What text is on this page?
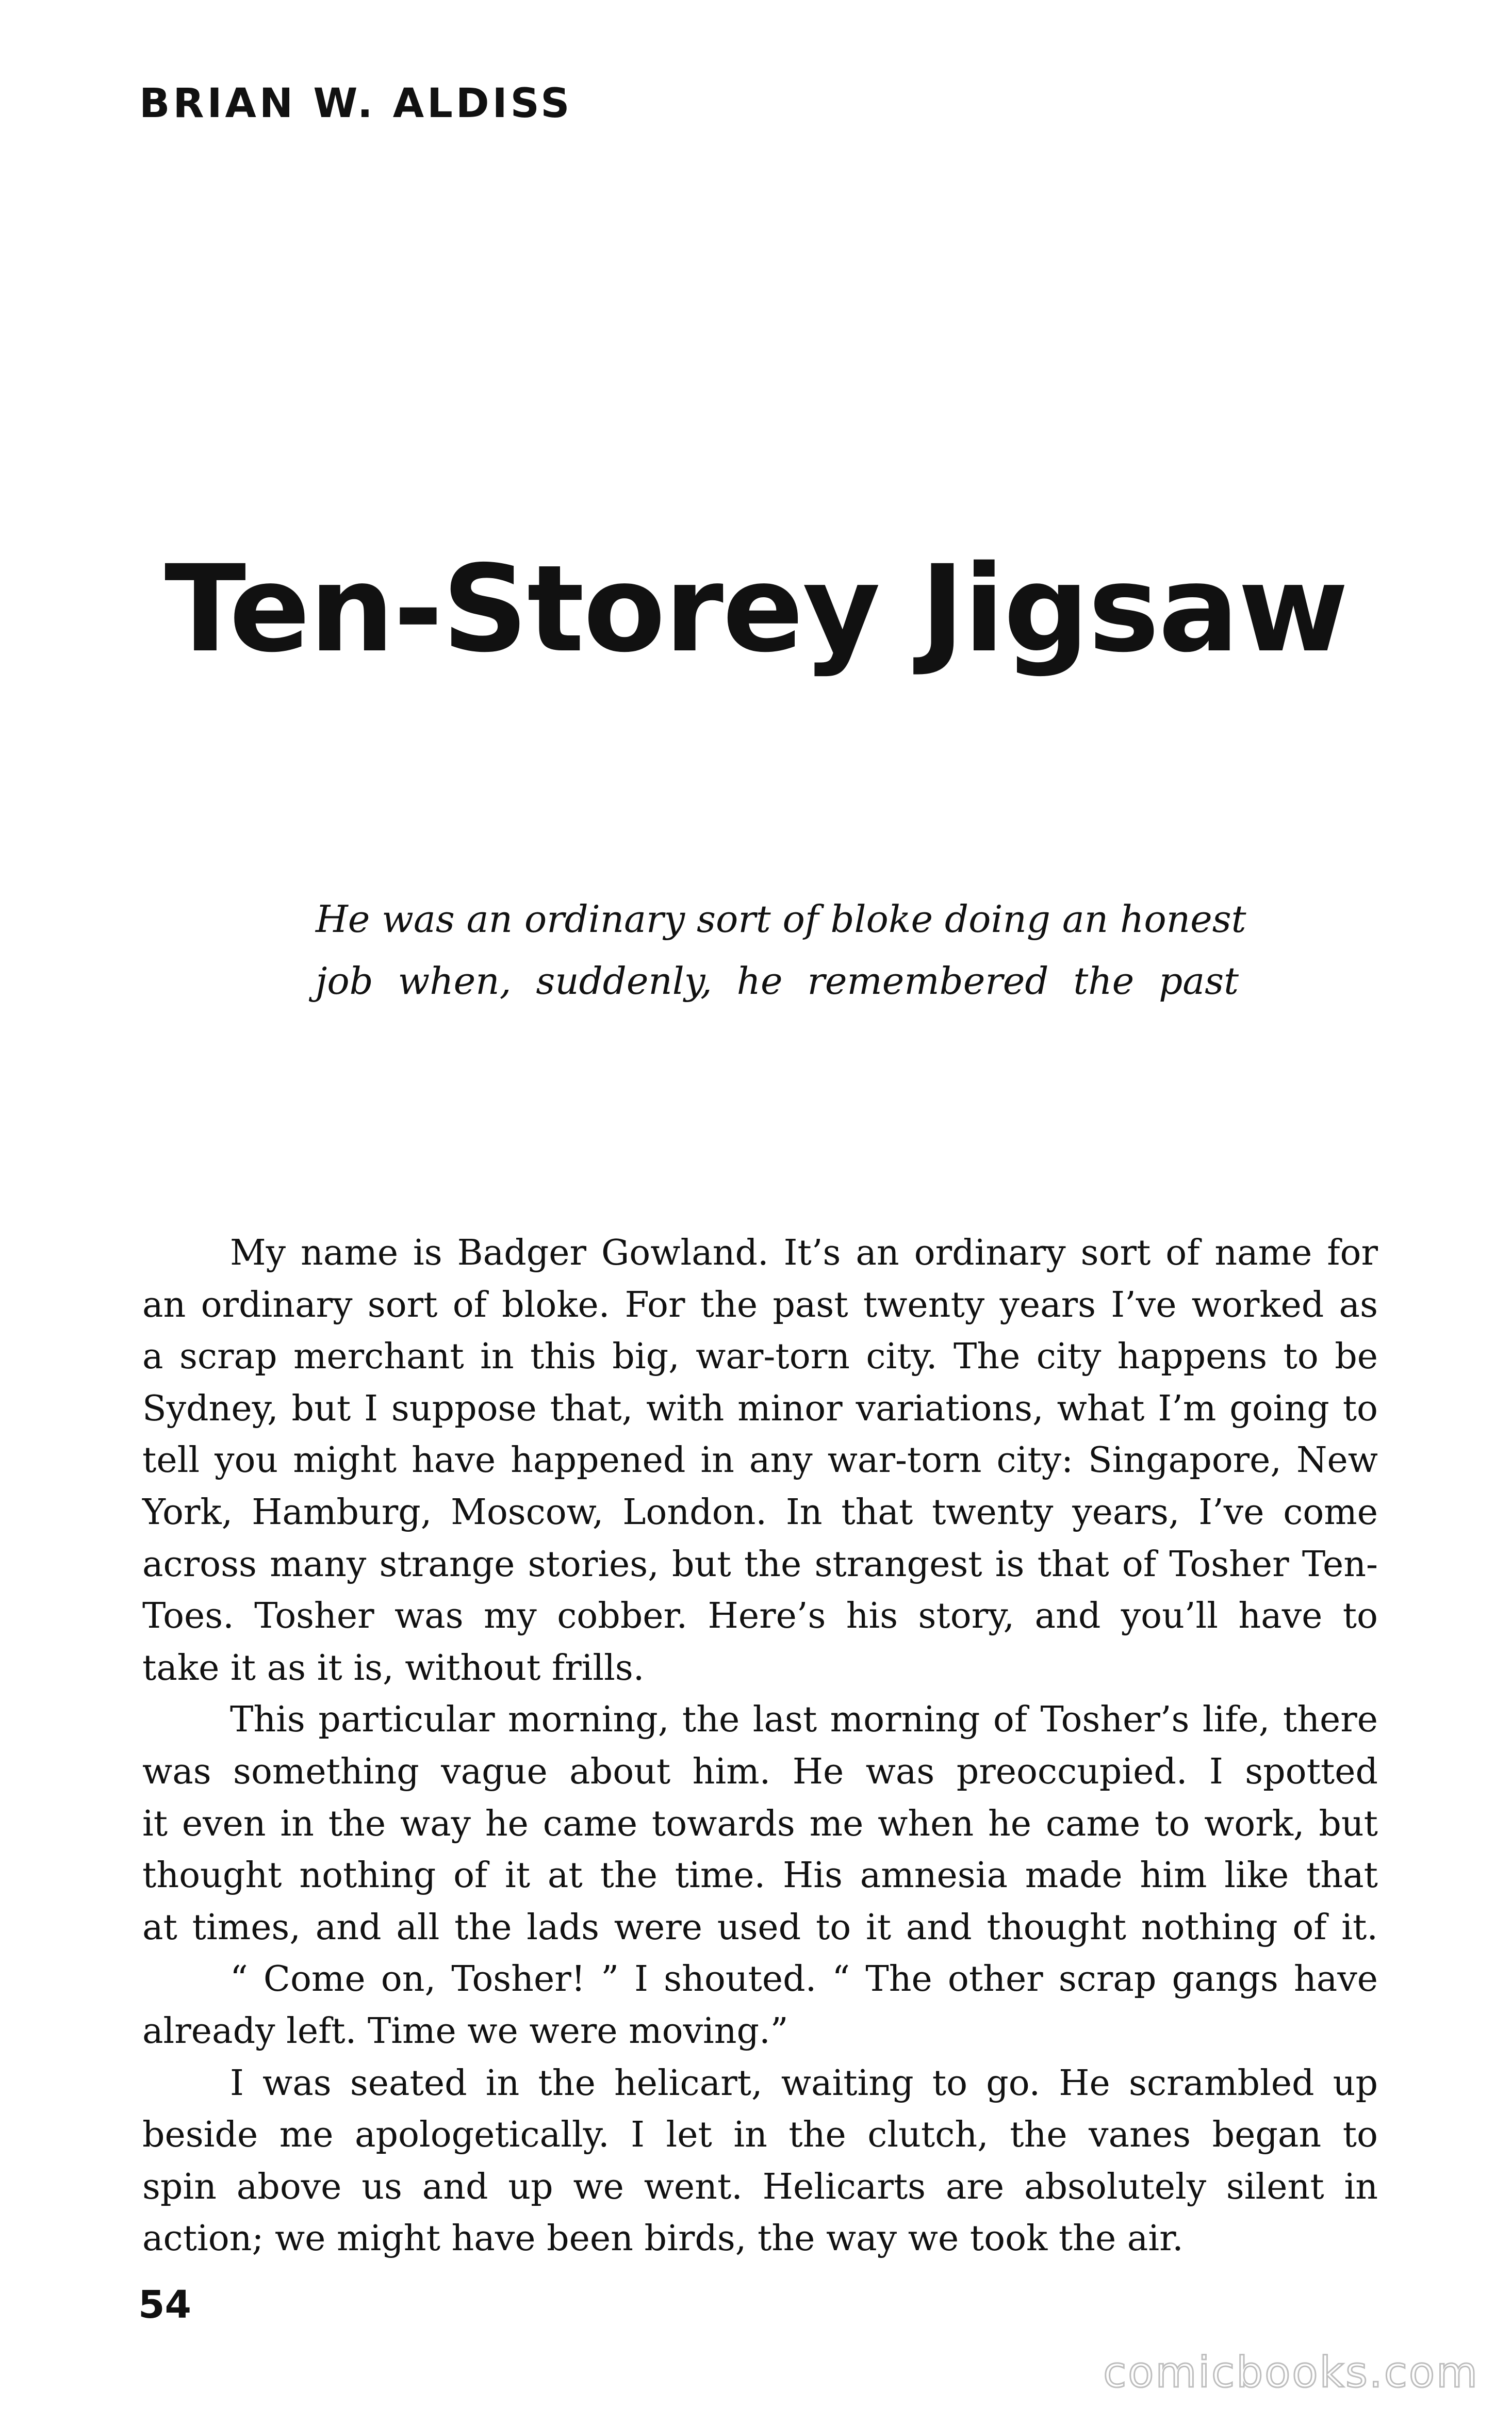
BRIAN W. ALDISS
Ten-Storey Jigsaw
He was an ordinary sort of bloke doing an honest
job when, suddenly, he remembered the past
My name is Badger Gowland. It’s an ordinary sort of name for
an ordinary sort of bloke. For the past twenty years I’ve worked as
a scrap merchant in this big, war-torn city. The city happens to be
Sydney, but I suppose that, with minor variations, what I’m going to
tell you might have happened in any war-torn city: Singapore, New
York, Hamburg, Moscow, London. In that twenty years, I’ve come
across many strange stories, but the strangest is that of Tosher Ten-
Toes. Tosher was my cobber. Here’s his story, and you’ll have to
take it as it is, without frills.
This particular morning, the last morning of Tosher’s life, there
was something vague about him. He was preoccupied. I spotted
it even in the way he came towards me when he came to work, but
thought nothing of it at the time. His amnesia made him like that
at times, and all the lads were used to it and thought nothing of it.
“ Come on, Tosher! ” I shouted. “ The other scrap gangs have
already left. Time we were moving.”
I was seated in the helicart, waiting to go. He scrambled up
beside me apologetically. I let in the clutch, the vanes began to
spin above us and up we went. Helicarts are absolutely silent in
action; we might have been birds, the way we took the air.
54
comicbooks.com
